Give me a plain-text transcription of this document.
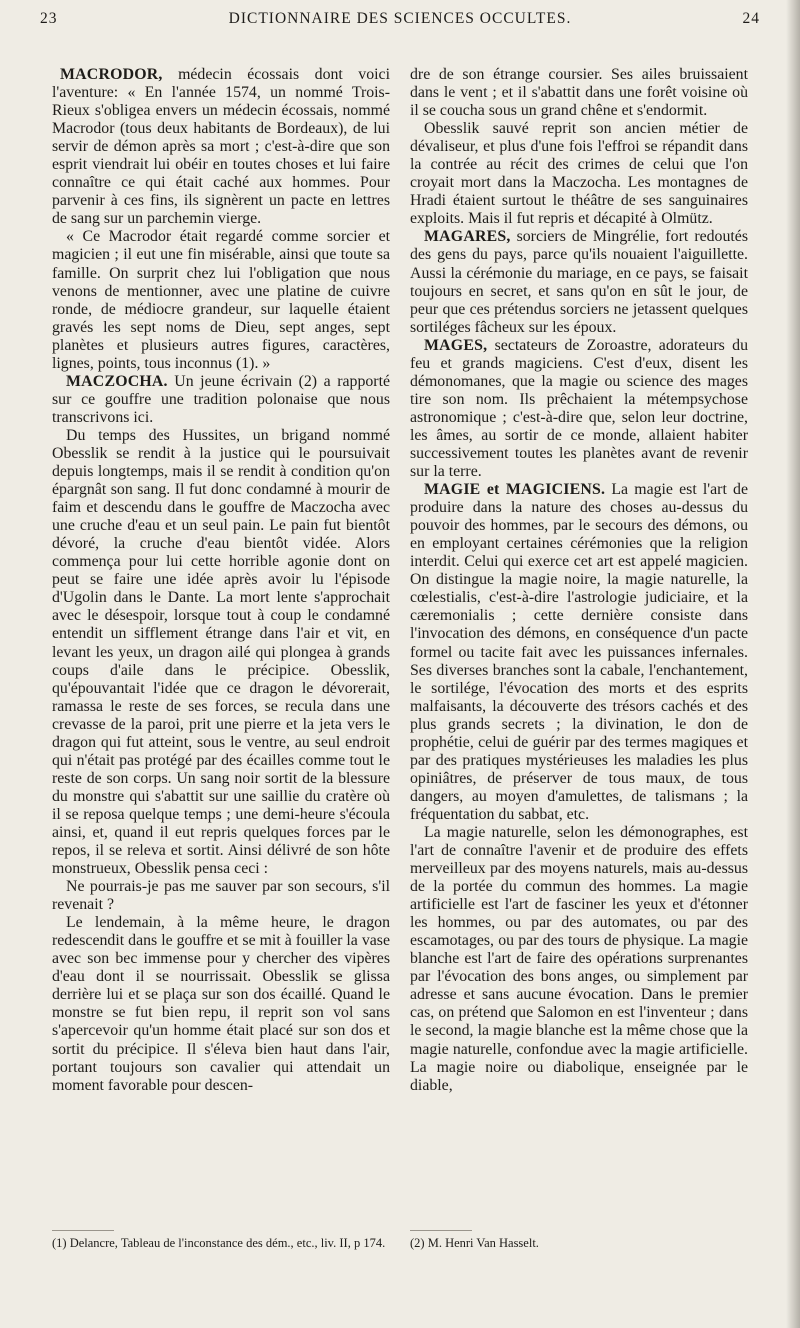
23	DICTIONNAIRE DES SCIENCES OCCULTES.	24

MACRODOR, médecin écossais dont voici l'aventure: « En l'année 1574, un nommé Trois-Rieux s'obligea envers un médecin écossais, nommé Macrodor (tous deux habitants de Bordeaux), de lui servir de démon après sa mort ; c'est-à-dire que son esprit viendrait lui obéir en toutes choses et lui faire connaître ce qui était caché aux hommes. Pour parvenir à ces fins, ils signèrent un pacte en lettres de sang sur un parchemin vierge.

« Ce Macrodor était regardé comme sorcier et magicien ; il eut une fin misérable, ainsi que toute sa famille. On surprit chez lui l'obligation que nous venons de mentionner, avec une platine de cuivre ronde, de médiocre grandeur, sur laquelle étaient gravés les sept noms de Dieu, sept anges, sept planètes et plusieurs autres figures, caractères, lignes, points, tous inconnus (1). »

MACZOCHA. Un jeune écrivain (2) a rapporté sur ce gouffre une tradition polonaise que nous transcrivons ici.

Du temps des Hussites, un brigand nommé Obesslik se rendit à la justice qui le poursuivait depuis longtemps, mais il se rendit à condition qu'on épargnât son sang. Il fut donc condamné à mourir de faim et descendu dans le gouffre de Maczocha avec une cruche d'eau et un seul pain. Le pain fut bientôt dévoré, la cruche d'eau bientôt vidée. Alors commença pour lui cette horrible agonie dont on peut se faire une idée après avoir lu l'épisode d'Ugolin dans le Dante. La mort lente s'approchait avec le désespoir, lorsque tout à coup le condamné entendit un sifflement étrange dans l'air et vit, en levant les yeux, un dragon ailé qui plongea à grands coups d'aile dans le précipice. Obesslik, qu'épouvantait l'idée que ce dragon le dévorerait, ramassa le reste de ses forces, se recula dans une crevasse de la paroi, prit une pierre et la jeta vers le dragon qui fut atteint, sous le ventre, au seul endroit qui n'était pas protégé par des écailles comme tout le reste de son corps. Un sang noir sortit de la blessure du monstre qui s'abattit sur une saillie du cratère où il se reposa quelque temps ; une demi-heure s'écoula ainsi, et, quand il eut repris quelques forces par le repos, il se releva et sortit. Ainsi délivré de son hôte monstrueux, Obesslik pensa ceci :

Ne pourrais-je pas me sauver par son secours, s'il revenait ?

Le lendemain, à la même heure, le dragon redescendit dans le gouffre et se mit à fouiller la vase avec son bec immense pour y chercher des vipères d'eau dont il se nourrissait. Obesslik se glissa derrière lui et se plaça sur son dos écaillé. Quand le monstre se fut bien repu, il reprit son vol sans s'apercevoir qu'un homme était placé sur son dos et sortit du précipice. Il s'éleva bien haut dans l'air, portant toujours son cavalier qui attendait un moment favorable pour descen-

dre de son étrange coursier. Ses ailes bruissaient dans le vent ; et il s'abattit dans une forêt voisine où il se coucha sous un grand chêne et s'endormit.

Obesslik sauvé reprit son ancien métier de dévaliseur, et plus d'une fois l'effroi se répandit dans la contrée au récit des crimes de celui que l'on croyait mort dans la Maczocha. Les montagnes de Hradi étaient surtout le théâtre de ses sanguinaires exploits. Mais il fut repris et décapité à Olmütz.

MAGARES, sorciers de Mingrélie, fort redoutés des gens du pays, parce qu'ils nouaient l'aiguillette. Aussi la cérémonie du mariage, en ce pays, se faisait toujours en secret, et sans qu'on en sût le jour, de peur que ces prétendus sorciers ne jetassent quelques sortiléges fâcheux sur les époux.

MAGES, sectateurs de Zoroastre, adorateurs du feu et grands magiciens. C'est d'eux, disent les démonomanes, que la magie ou science des mages tire son nom. Ils prêchaient la métempsychose astronomique ; c'est-à-dire que, selon leur doctrine, les âmes, au sortir de ce monde, allaient habiter successivement toutes les planètes avant de revenir sur la terre.

MAGIE et MAGICIENS. La magie est l'art de produire dans la nature des choses au-dessus du pouvoir des hommes, par le secours des démons, ou en employant certaines cérémonies que la religion interdit. Celui qui exerce cet art est appelé magicien. On distingue la magie noire, la magie naturelle, la cœlestialis, c'est-à-dire l'astrologie judiciaire, et la cæremonialis ; cette dernière consiste dans l'invocation des démons, en conséquence d'un pacte formel ou tacite fait avec les puissances infernales. Ses diverses branches sont la cabale, l'enchantement, le sortilége, l'évocation des morts et des esprits malfaisants, la découverte des trésors cachés et des plus grands secrets ; la divination, le don de prophétie, celui de guérir par des termes magiques et par des pratiques mystérieuses les maladies les plus opiniâtres, de préserver de tous maux, de tous dangers, au moyen d'amulettes, de talismans ; la fréquentation du sabbat, etc.

La magie naturelle, selon les démonographes, est l'art de connaître l'avenir et de produire des effets merveilleux par des moyens naturels, mais au-dessus de la portée du commun des hommes. La magie artificielle est l'art de fasciner les yeux et d'étonner les hommes, ou par des automates, ou par des escamotages, ou par des tours de physique. La magie blanche est l'art de faire des opérations surprenantes par l'évocation des bons anges, ou simplement par adresse et sans aucune évocation. Dans le premier cas, on prétend que Salomon en est l'inventeur ; dans le second, la magie blanche est la même chose que la magie naturelle, confondue avec la magie artificielle. La magie noire ou diabolique, enseignée par le diable,

(1) Delancre, Tableau de l'inconstance des dém., etc., liv. II, p 174.	(2) M. Henri Van Hasselt.
